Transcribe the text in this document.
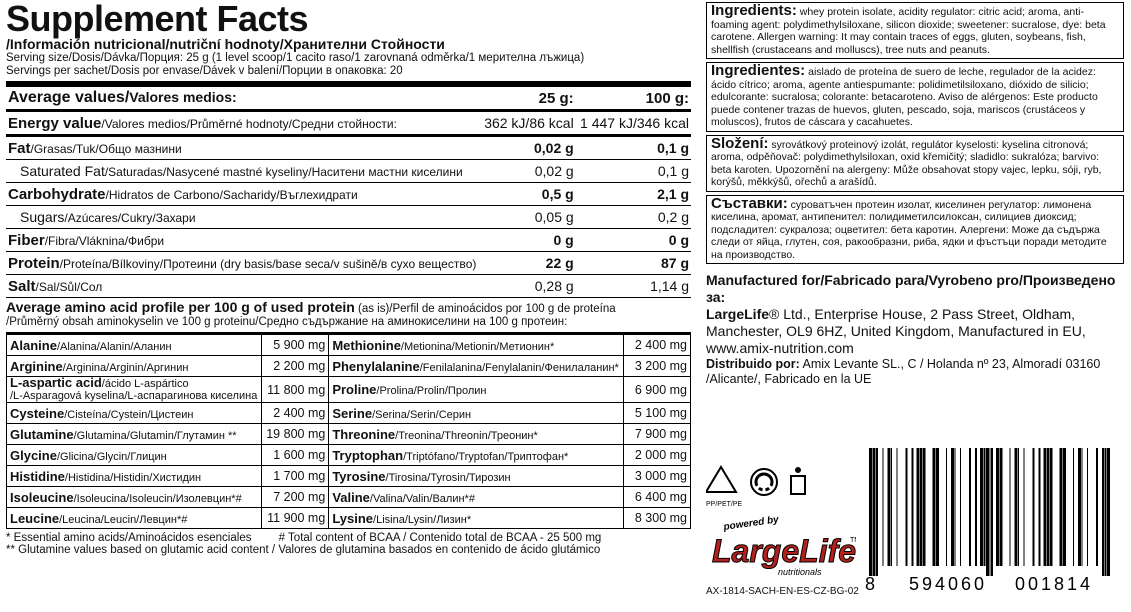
Supplement Facts
/Información nutricional/nutriční hodnoty/Хранителни Стойности
Serving size/Dosis/Dávka/Порция: 25 g (1 level scoop/1 cacito raso/1 zarovnaná odměrka/1 мерителна лъжица)
Servings per sachet/Dosis por envase/Dávek v balení/Порции в опаковка: 20
Average values/Valores medios:	25 g:	100 g:
Energy value/Valores medios/Průměrné hodnoty/Средни стойности:	362 kJ/86 kcal	1 447 kJ/346 kcal
Fat/Grasas/Tuk/Общо мазнини	0,02 g	0,1 g
Saturated Fat/Saturadas/Nasycené mastné kyseliny/Наситени мастни киселини	0,02 g	0,1 g
Carbohydrate/Hidratos de Carbono/Sacharidy/Въглехидрати	0,5 g	2,1 g
Sugars/Azúcares/Cukry/Захари	0,05 g	0,2 g
Fiber/Fibra/Vláknina/Фибри	0 g	0 g
Protein/Proteína/Bílkoviny/Протеини (dry basis/base seca/v sušině/в сухо веществo)	22 g	87 g
Salt/Sal/Sůl/Сол	0,28 g	1,14 g
Average amino acid profile per 100 g of used protein (as is)/Perfil de aminoácidos por 100 g de proteína
/Průměrný obsah aminokyselin ve 100 g proteinu/Средно съдържание на аминокиселини на 100 g протеин:
Alanine/Alanina/Alanin/Аланин	5 900 mg	Methionine/Metionina/Metionin/Метионин*	2 400 mg
Arginine/Arginina/Arginin/Аргинин	2 200 mg	Phenylalanine/Fenilalanina/Fenylalanin/Фенилаланин*	3 200 mg
L-aspartic acid/ácido L-aspártico
/L-Asparagová kyselina/L-аспарагинова киселина	11 800 mg	Proline/Prolina/Prolin/Пролин	6 900 mg
Cysteine/Cisteína/Cystein/Цистеин	2 400 mg	Serine/Serina/Serin/Серин	5 100 mg
Glutamine/Glutamina/Glutamin/Глутамин **	19 800 mg	Threonine/Treonina/Threonin/Треонин*	7 900 mg
Glycine/Glicina/Glycin/Глицин	1 600 mg	Tryptophan/Triptófano/Tryptofan/Триптофан*	2 000 mg
Histidine/Histidina/Histidin/Хистидин	1 700 mg	Tyrosine/Tirosina/Tyrosin/Тирозин	3 000 mg
Isoleucine/Isoleucina/Isoleucin/Изолевцин*#	7 200 mg	Valine/Valina/Valin/Валин*#	6 400 mg
Leucine/Leucina/Leucin/Левцин*#	11 900 mg	Lysine/Lisina/Lysin/Лизин*	8 300 mg
* Essential amino acids/Aminoácidos esenciales # Total content of BCAA / Contenido total de BCAA - 25 500 mg
** Glutamine values based on glutamic acid content / Valores de glutamina basados en contenido de ácido glutámico
Ingredients: whey protein isolate, acidity regulator: citric acid; aroma, anti-foaming agent: polydimethylsiloxane, silicon dioxide; sweetener: sucralose, dye: beta carotene. Allergen warning: It may contain traces of eggs, gluten, soybeans, fish, shellfish (crustaceans and molluscs), tree nuts and peanuts.
Ingredientes: aislado de proteína de suero de leche, regulador de la acidez: ácido cítrico; aroma, agente antiespumante: polidimetilsiloxano, dióxido de silicio; edulcorante: sucralosa; colorante: betacaroteno. Aviso de alérgenos: Este producto puede contener trazas de huevos, gluten, pescado, soja, mariscos (crustáceos y moluscos), frutos de cáscara y cacahuetes.
Složení: syrovátkový proteinový izolát, regulátor kyselosti: kyselina citronová; aroma, odpěňovač: polydimethylsiloxan, oxid křemičitý; sladidlo: sukralóza; barvivo: beta karoten. Upozornění na alergeny: Může obsahovat stopy vajec, lepku, sóji, ryb, korýšů, měkkýšů, ořechů a arašídů.
Съставки: суроватъчен протеин изолат, киселинен регулатор: лимонена киселина, аромат, антипенител: полидиметилсилоксан, силициев диоксид; подсладител: сукралоза; оцветител: бета каротин. Алергени: Може да съдържа следи от яйца, глутен, соя, ракообразни, риба, ядки и фъстъци поради методите на производство.
Manufactured for/Fabricado para/Vyrobeno pro/Произведено за:
LargeLife® Ltd., Enterprise House, 2 Pass Street, Oldham, Manchester, OL9 6HZ, United Kingdom, Manufactured in EU, www.amix-nutrition.com
Distribuido por: Amix Levante SL., C / Holanda nº 23, Almoradí 03160 /Alicante/, Fabricado en la UE
PP/PET/PE
powered by
LargeLife
T
nutritionals
AX-1814-SACH-EN-ES-CZ-BG-02 8 594060 001814
